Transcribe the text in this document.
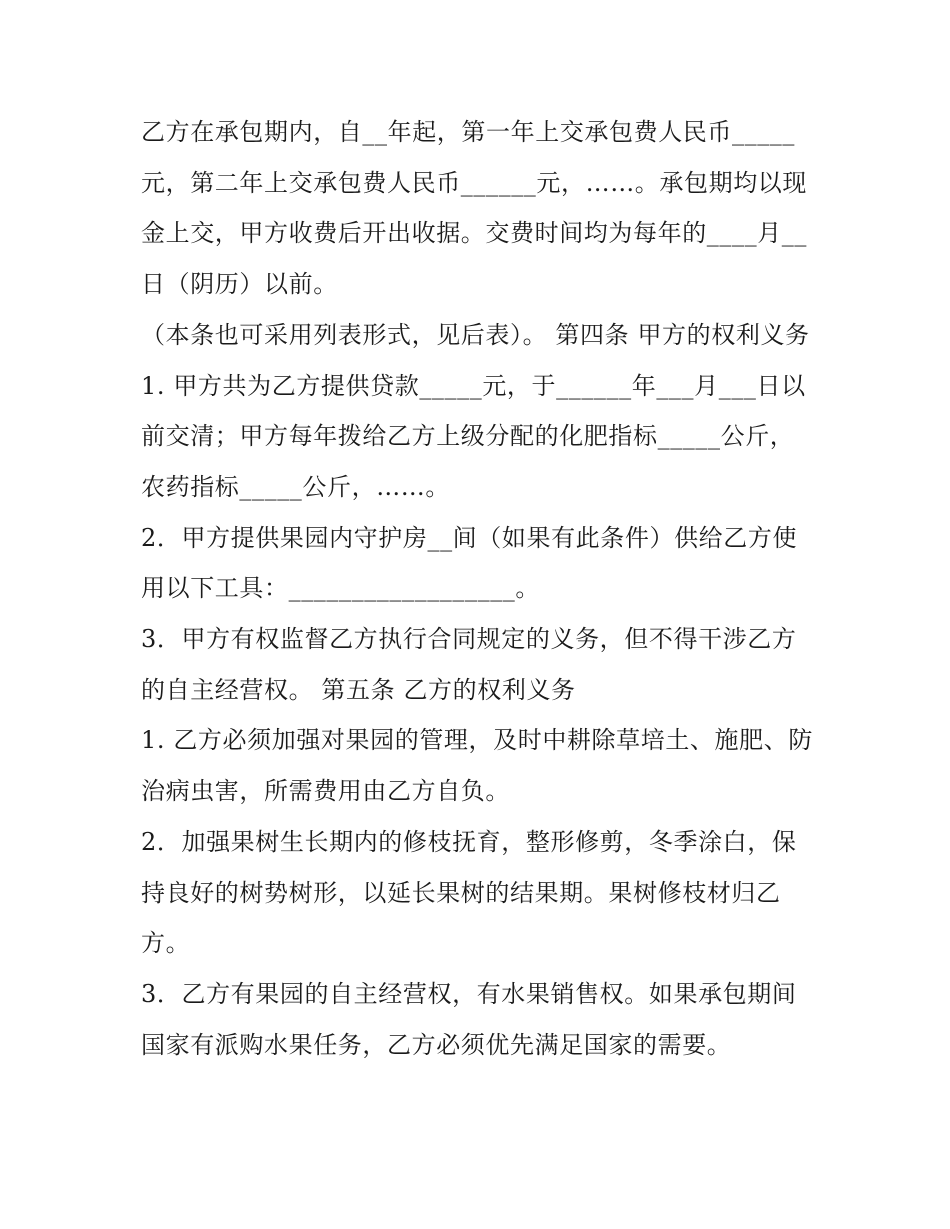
乙方在承包期内，自__年起，第一年上交承包费人民币_____元，第二年上交承包费人民币______元，……。承包期均以现金上交，甲方收费后开出收据。交费时间均为每年的____月__日（阴历）以前。

（本条也可采用列表形式，见后表）。 第四条 甲方的权利义务

1. 甲方共为乙方提供贷款_____元，于______年___月___日以前交清；甲方每年拨给乙方上级分配的化肥指标_____公斤，农药指标_____公斤，……。

2．甲方提供果园内守护房__间（如果有此条件）供给乙方使用以下工具：__________________。

3．甲方有权监督乙方执行合同规定的义务，但不得干涉乙方的自主经营权。 第五条 乙方的权利义务

1. 乙方必须加强对果园的管理，及时中耕除草培土、施肥、防治病虫害，所需费用由乙方自负。

2．加强果树生长期内的修枝抚育，整形修剪，冬季涂白，保持良好的树势树形，以延长果树的结果期。果树修枝材归乙方。

3．乙方有果园的自主经营权，有水果销售权。如果承包期间国家有派购水果任务，乙方必须优先满足国家的需要。
